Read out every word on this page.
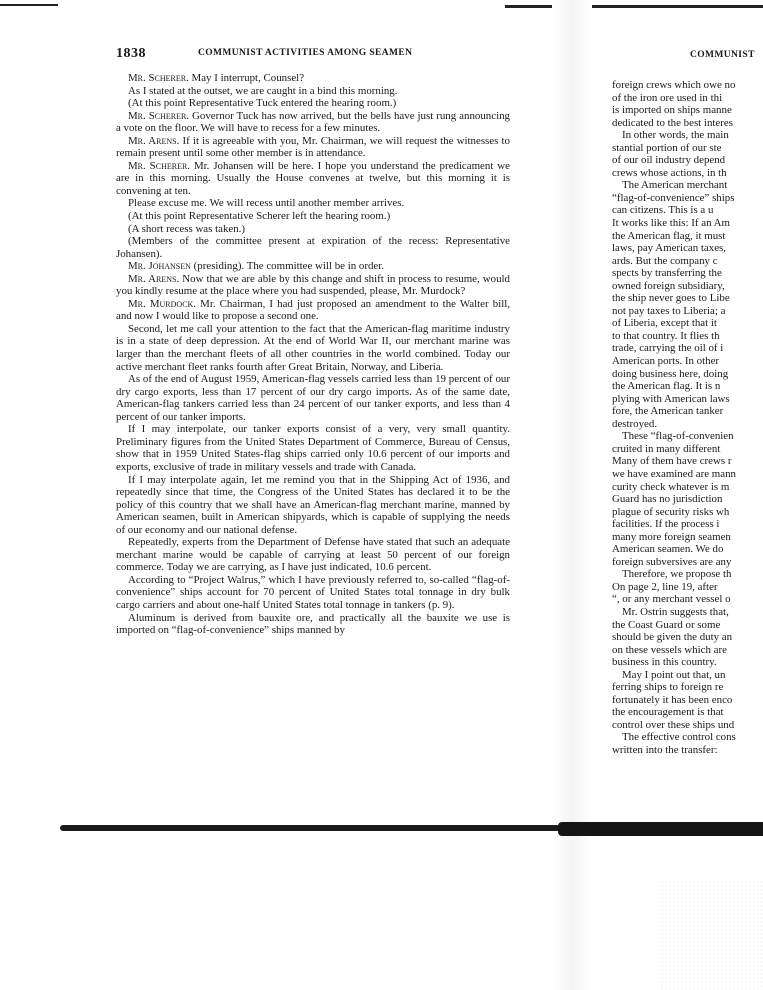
1838	COMMUNIST ACTIVITIES AMONG SEAMEN	COMMUNIST

Mr. Scherer. May I interrupt, Counsel?

As I stated at the outset, we are caught in a bind this morning.

(At this point Representative Tuck entered the hearing room.)

Mr. Scherer. Governor Tuck has now arrived, but the bells have just rung announcing a vote on the floor. We will have to recess for a few minutes.

Mr. Arens. If it is agreeable with you, Mr. Chairman, we will request the witnesses to remain present until some other member is in attendance.

Mr. Scherer. Mr. Johansen will be here. I hope you understand the predicament we are in this morning. Usually the House convenes at twelve, but this morning it is convening at ten.

Please excuse me. We will recess until another member arrives.

(At this point Representative Scherer left the hearing room.)

(A short recess was taken.)

(Members of the committee present at expiration of the recess: Representative Johansen).

Mr. Johansen (presiding). The committee will be in order.

Mr. Arens. Now that we are able by this change and shift in process to resume, would you kindly resume at the place where you had suspended, please, Mr. Murdock?

Mr. Murdock. Mr. Chairman, I had just proposed an amendment to the Walter bill, and now I would like to propose a second one.

Second, let me call your attention to the fact that the American-flag maritime industry is in a state of deep depression. At the end of World War II, our merchant marine was larger than the merchant fleets of all other countries in the world combined. Today our active merchant fleet ranks fourth after Great Britain, Norway, and Liberia.

As of the end of August 1959, American-flag vessels carried less than 19 percent of our dry cargo exports, less than 17 percent of our dry cargo imports. As of the same date, American-flag tankers carried less than 24 percent of our tanker exports, and less than 4 percent of our tanker imports.

If I may interpolate, our tanker exports consist of a very, very small quantity. Preliminary figures from the United States Department of Commerce, Bureau of Census, show that in 1959 United States-flag ships carried only 10.6 percent of our imports and exports, exclusive of trade in military vessels and trade with Canada.

If I may interpolate again, let me remind you that in the Shipping Act of 1936, and repeatedly since that time, the Congress of the United States has declared it to be the policy of this country that we shall have an American-flag merchant marine, manned by American seamen, built in American shipyards, which is capable of supplying the needs of our economy and our national defense.

Repeatedly, experts from the Department of Defense have stated that such an adequate merchant marine would be capable of carrying at least 50 percent of our foreign commerce. Today we are carrying, as I have just indicated, 10.6 percent.

According to “Project Walrus,” which I have previously referred to, so-called “flag-of-convenience” ships account for 70 percent of United States total tonnage in dry bulk cargo carriers and about one-half United States total tonnage in tankers (p. 9).

Aluminum is derived from bauxite ore, and practically all the bauxite we use is imported on “flag-of-convenience” ships manned by

foreign crews which owe no
of the iron ore used in thi
is imported on ships manne
dedicated to the best interes
In other words, the main
stantial portion of our ste
of our oil industry depend
crews whose actions, in th
The American merchant
“flag-of-convenience” ships
can citizens. This is a u
It works like this: If an Am
the American flag, it must
laws, pay American taxes,
ards. But the company c
spects by transferring the
owned foreign subsidiary,
the ship never goes to Libe
not pay taxes to Liberia; a
of Liberia, except that it
to that country. It flies th
trade, carrying the oil of i
American ports. In other
doing business here, doing
the American flag. It is n
plying with American laws
fore, the American tanker
destroyed.
These “flag-of-convenien
cruited in many different
Many of them have crews r
we have examined are mann
curity check whatever is m
Guard has no jurisdiction
plague of security risks wh
facilities. If the process i
many more foreign seamen
American seamen. We do
foreign subversives are any
Therefore, we propose th
On page 2, line 19, after
“, or any merchant vessel o
Mr. Ostrin suggests that,
the Coast Guard or some
should be given the duty an
on these vessels which are
business in this country.
May I point out that, un
ferring ships to foreign re
fortunately it has been enco
the encouragement is that
control over these ships und
The effective control cons
written into the transfer:
